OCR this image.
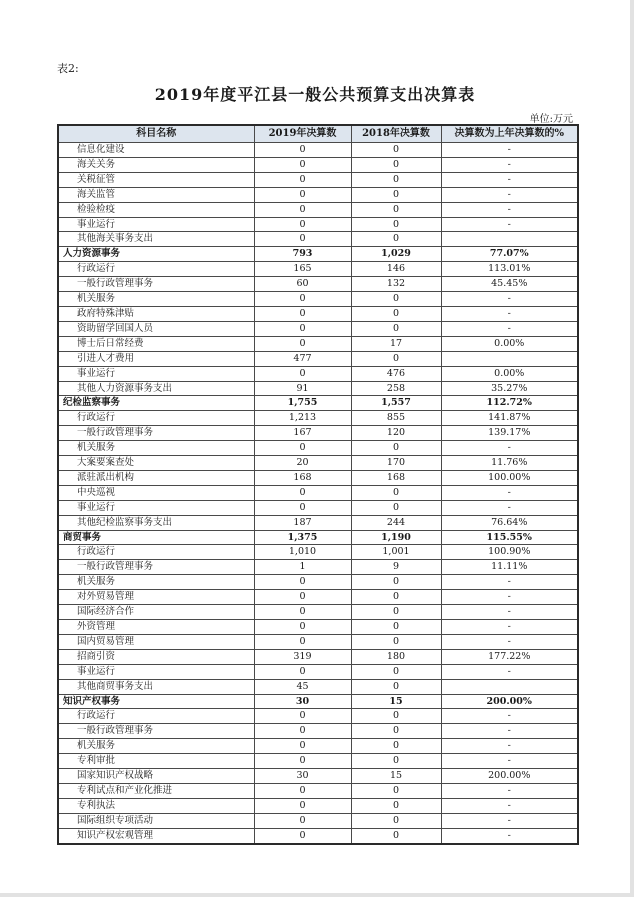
表2:
2019年度平江县一般公共预算支出决算表
单位:万元
科目名称	2019年决算数	2018年决算数	决算数为上年决算数的%
信息化建设	0	0	-
海关关务	0	0	-
关税征管	0	0	-
海关监管	0	0	-
检验检疫	0	0	-
事业运行	0	0	-
其他海关事务支出	0	0	
人力资源事务	793	1,029	77.07%
行政运行	165	146	113.01%
一般行政管理事务	60	132	45.45%
机关服务	0	0	-
政府特殊津贴	0	0	-
资助留学回国人员	0	0	-
博士后日常经费	0	17	0.00%
引进人才费用	477	0	
事业运行	0	476	0.00%
其他人力资源事务支出	91	258	35.27%
纪检监察事务	1,755	1,557	112.72%
行政运行	1,213	855	141.87%
一般行政管理事务	167	120	139.17%
机关服务	0	0	-
大案要案查处	20	170	11.76%
派驻派出机构	168	168	100.00%
中央巡视	0	0	-
事业运行	0	0	-
其他纪检监察事务支出	187	244	76.64%
商贸事务	1,375	1,190	115.55%
行政运行	1,010	1,001	100.90%
一般行政管理事务	1	9	11.11%
机关服务	0	0	-
对外贸易管理	0	0	-
国际经济合作	0	0	-
外资管理	0	0	-
国内贸易管理	0	0	-
招商引资	319	180	177.22%
事业运行	0	0	-
其他商贸事务支出	45	0	
知识产权事务	30	15	200.00%
行政运行	0	0	-
一般行政管理事务	0	0	-
机关服务	0	0	-
专利审批	0	0	-
国家知识产权战略	30	15	200.00%
专利试点和产业化推进	0	0	-
专利执法	0	0	-
国际组织专项活动	0	0	-
知识产权宏观管理	0	0	-
